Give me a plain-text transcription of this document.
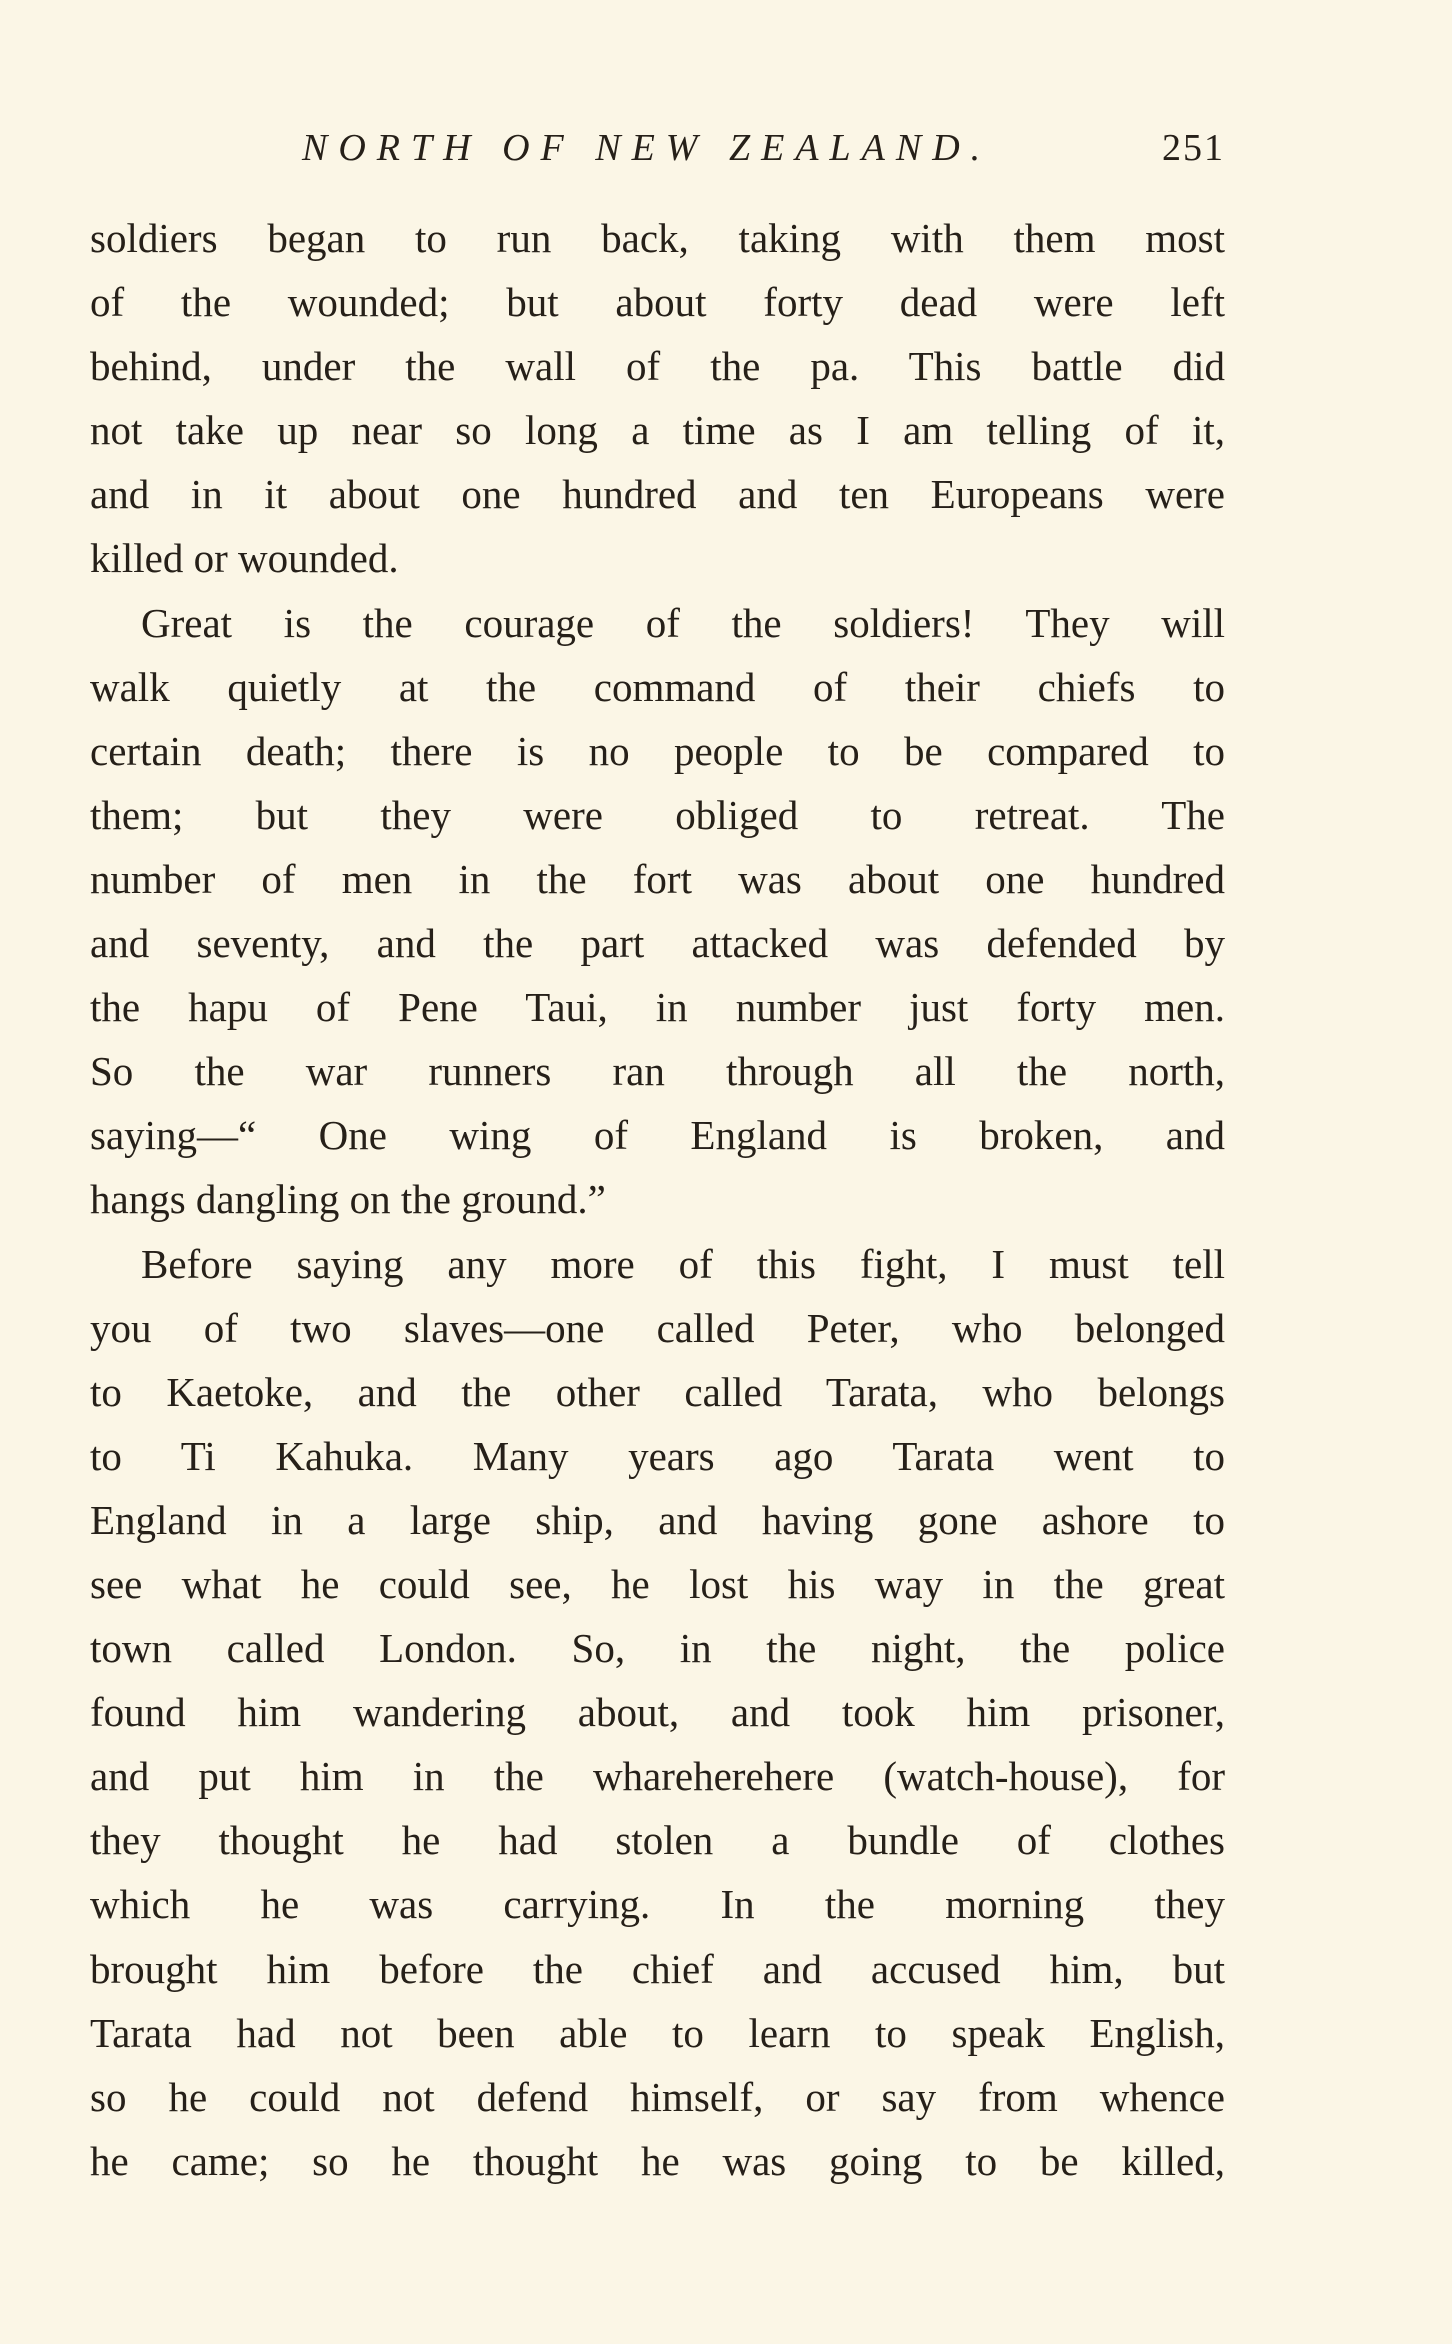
NORTH OF NEW ZEALAND.	251
soldiers began to run back, taking with them most
of the wounded; but about forty dead were left
behind, under the wall of the pa. This battle did
not take up near so long a time as I am telling of it,
and in it about one hundred and ten Europeans were
killed or wounded.
Great is the courage of the soldiers! They will
walk quietly at the command of their chiefs to
certain death; there is no people to be compared to
them; but they were obliged to retreat. The
number of men in the fort was about one hundred
and seventy, and the part attacked was defended by
the hapu of Pene Taui, in number just forty men.
So the war runners ran through all the north,
saying—“ One wing of England is broken, and
hangs dangling on the ground.”
Before saying any more of this fight, I must tell
you of two slaves—one called Peter, who belonged
to Kaetoke, and the other called Tarata, who belongs
to Ti Kahuka. Many years ago Tarata went to
England in a large ship, and having gone ashore to
see what he could see, he lost his way in the great
town called London. So, in the night, the police
found him wandering about, and took him prisoner,
and put him in the whareherehere (watch-house), for
they thought he had stolen a bundle of clothes
which he was carrying. In the morning they
brought him before the chief and accused him, but
Tarata had not been able to learn to speak English,
so he could not defend himself, or say from whence
he came; so he thought he was going to be killed,
